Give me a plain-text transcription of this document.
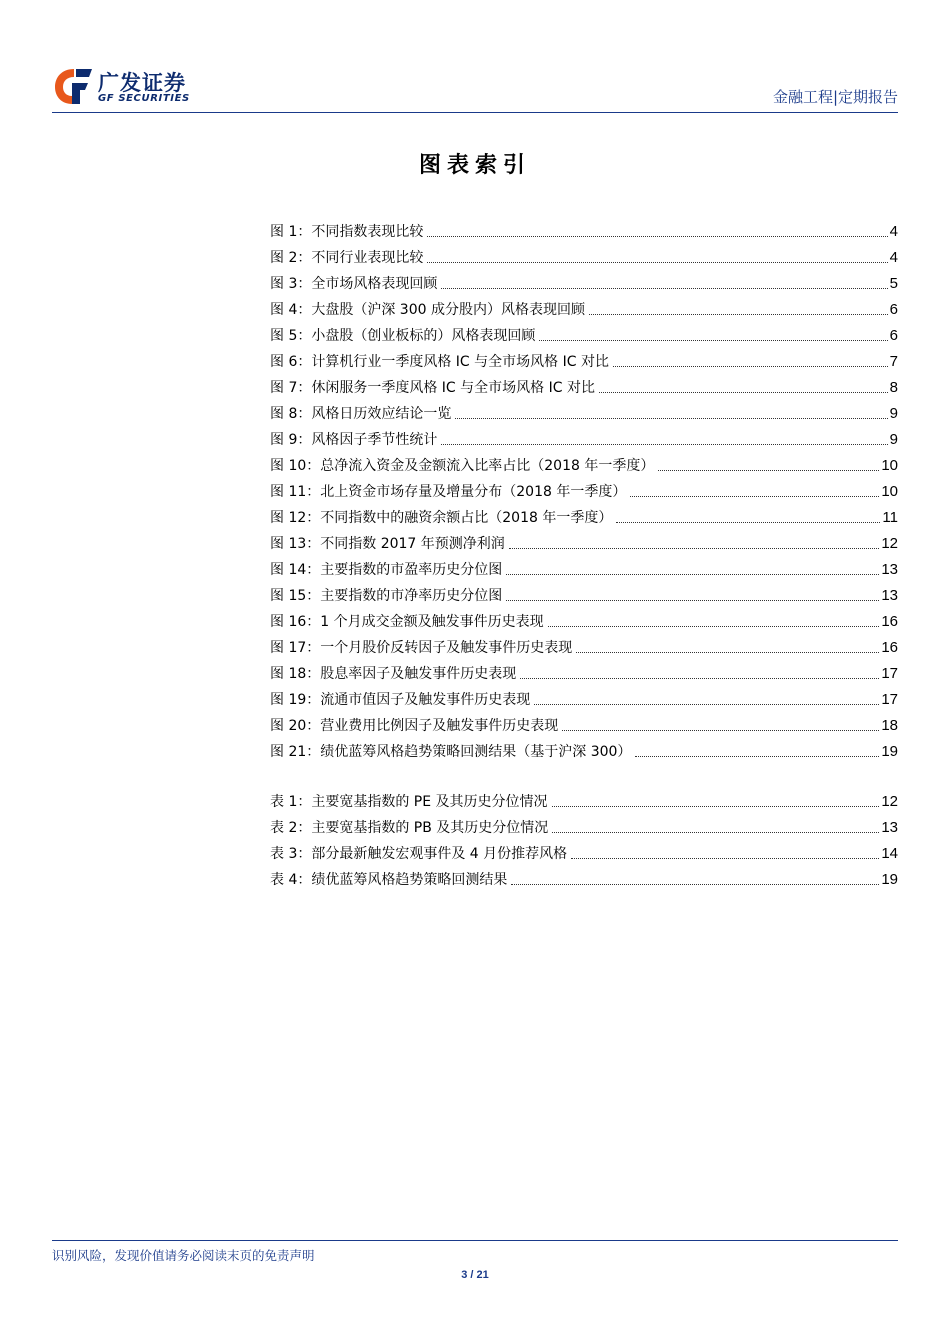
广发证券
GF SECURITIES	金融工程|定期报告
图表索引
图 1：不同指数表现比较	4
图 2：不同行业表现比较	4
图 3：全市场风格表现回顾	5
图 4：大盘股（沪深 300 成分股内）风格表现回顾	6
图 5：小盘股（创业板标的）风格表现回顾	6
图 6：计算机行业一季度风格 IC 与全市场风格 IC 对比	7
图 7：休闲服务一季度风格 IC 与全市场风格 IC 对比	8
图 8：风格日历效应结论一览	9
图 9：风格因子季节性统计	9
图 10：总净流入资金及金额流入比率占比（2018 年一季度）	10
图 11：北上资金市场存量及增量分布（2018 年一季度）	10
图 12：不同指数中的融资余额占比（2018 年一季度）	11
图 13：不同指数 2017 年预测净利润	12
图 14：主要指数的市盈率历史分位图	13
图 15：主要指数的市净率历史分位图	13
图 16：1 个月成交金额及触发事件历史表现	16
图 17：一个月股价反转因子及触发事件历史表现	16
图 18：股息率因子及触发事件历史表现	17
图 19：流通市值因子及触发事件历史表现	17
图 20：营业费用比例因子及触发事件历史表现	18
图 21：绩优蓝筹风格趋势策略回测结果（基于沪深 300）	19
表 1：主要宽基指数的 PE 及其历史分位情况	12
表 2：主要宽基指数的 PB 及其历史分位情况	13
表 3：部分最新触发宏观事件及 4 月份推荐风格	14
表 4：绩优蓝筹风格趋势策略回测结果	19
识别风险，发现价值请务必阅读末页的免责声明
3 / 21
